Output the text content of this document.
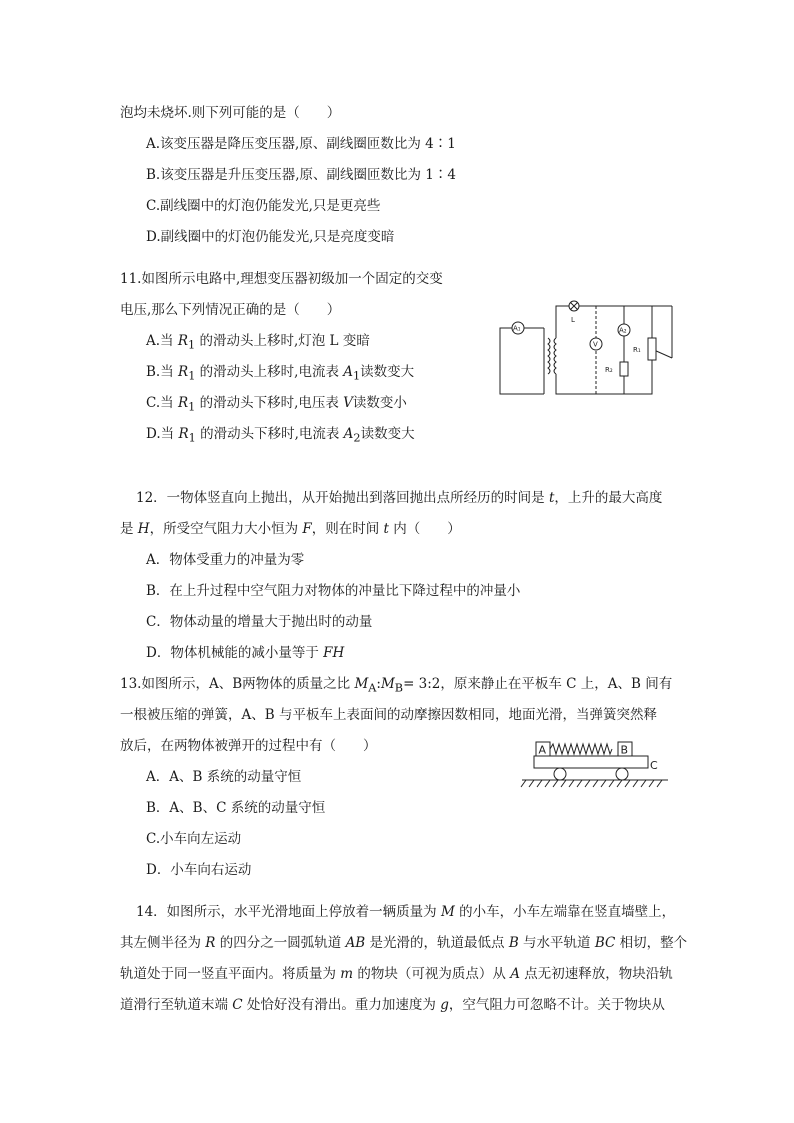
泡均未烧坏.则下列可能的是（　　）
A.该变压器是降压变压器,原、副线圈匝数比为 4∶1
B.该变压器是升压变压器,原、副线圈匝数比为 1∶4
C.副线圈中的灯泡仍能发光,只是更亮些
D.副线圈中的灯泡仍能发光,只是亮度变暗
11.如图所示电路中,理想变压器初级加一个固定的交变
电压,那么下列情况正确的是（　　）
A.当 $R_1$ 的滑动头上移时,灯泡 L 变暗
B.当 $R_1$ 的滑动头上移时,电流表 $A_1$读数变大
C.当 $R_1$ 的滑动头下移时,电压表 V读数变小
D.当 $R_1$ 的滑动头下移时,电流表 $A_2$读数变大
A₁
V
A₂
L
R₁
R₂
12．一物体竖直向上抛出，从开始抛出到落回抛出点所经历的时间是 t，上升的最大高度
是 H，所受空气阻力大小恒为 F，则在时间 t 内（　　）
A．物体受重力的冲量为零
B．在上升过程中空气阻力对物体的冲量比下降过程中的冲量小
C．物体动量的增量大于抛出时的动量
D．物体机械能的减小量等于 FH
13.如图所示，A、B两物体的质量之比 $M_A:M_B=$ 3:2，原来静止在平板车 C 上，A、B 间有
一根被压缩的弹簧，A、B 与平板车上表面间的动摩擦因数相同，地面光滑，当弹簧突然释
放后，在两物体被弹开的过程中有（　　）
A．A、B 系统的动量守恒
B．A、B、C 系统的动量守恒
C.小车向左运动
D．小车向右运动
A	B
C
14．如图所示，水平光滑地面上停放着一辆质量为 M 的小车，小车左端靠在竖直墙壁上，
其左侧半径为 R 的四分之一圆弧轨道 AB 是光滑的，轨道最低点 B 与水平轨道 BC 相切，整个
轨道处于同一竖直平面内。将质量为 m 的物块（可视为质点）从 A 点无初速释放，物块沿轨
道滑行至轨道末端 C 处恰好没有滑出。重力加速度为 g，空气阻力可忽略不计。关于物块从
